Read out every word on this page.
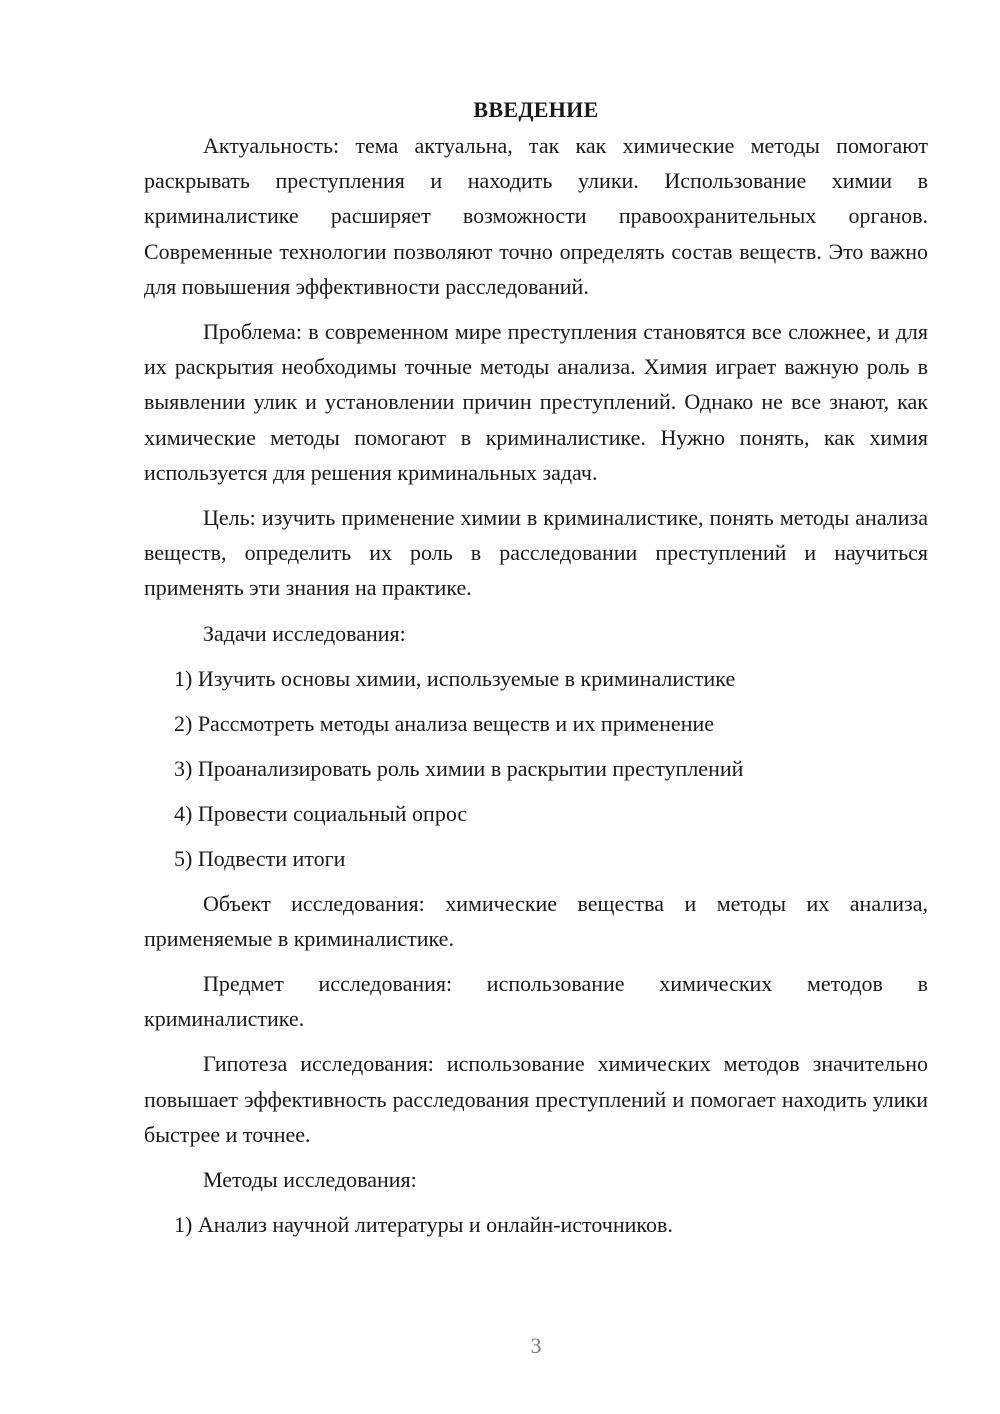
ВВЕДЕНИЕ

Актуальность: тема актуальна, так как химические методы помогают раскрывать преступления и находить улики. Использование химии в криминалистике расширяет возможности правоохранительных органов. Современные технологии позволяют точно определять состав веществ. Это важно для повышения эффективности расследований.

Проблема: в современном мире преступления становятся все сложнее, и для их раскрытия необходимы точные методы анализа. Химия играет важную роль в выявлении улик и установлении причин преступлений. Однако не все знают, как химические методы помогают в криминалистике. Нужно понять, как химия используется для решения криминальных задач.

Цель: изучить применение химии в криминалистике, понять методы анализа веществ, определить их роль в расследовании преступлений и научиться применять эти знания на практике.

Задачи исследования:

1) Изучить основы химии, используемые в криминалистике

2) Рассмотреть методы анализа веществ и их применение

3) Проанализировать роль химии в раскрытии преступлений

4) Провести социальный опрос

5) Подвести итоги

Объект исследования: химические вещества и методы их анализа, применяемые в криминалистике.

Предмет исследования: использование химических методов в криминалистике.

Гипотеза исследования: использование химических методов значительно повышает эффективность расследования преступлений и помогает находить улики быстрее и точнее.

Методы исследования:

1) Анализ научной литературы и онлайн-источников.

3
